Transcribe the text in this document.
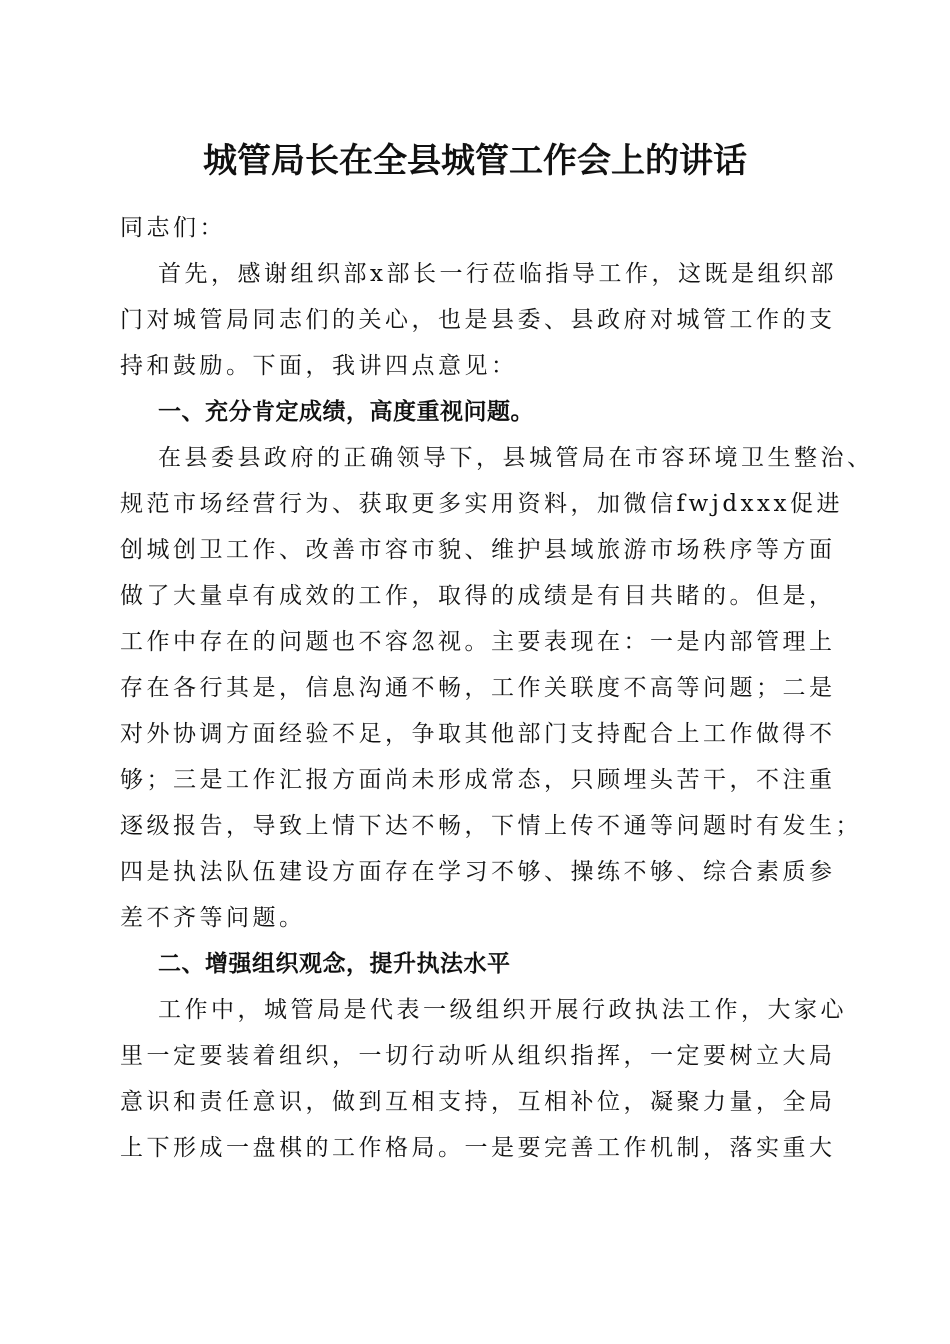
城管局长在全县城管工作会上的讲话
同志们：
首先，感谢组织部x部长一行莅临指导工作，这既是组织部
门对城管局同志们的关心，也是县委、县政府对城管工作的支
持和鼓励。下面，我讲四点意见：
一、充分肯定成绩，高度重视问题。
在县委县政府的正确领导下，县城管局在市容环境卫生整治、
规范市场经营行为、获取更多实用资料，加微信fwjdxxx促进
创城创卫工作、改善市容市貌、维护县域旅游市场秩序等方面
做了大量卓有成效的工作，取得的成绩是有目共睹的。但是，
工作中存在的问题也不容忽视。主要表现在：一是内部管理上
存在各行其是，信息沟通不畅，工作关联度不高等问题；二是
对外协调方面经验不足，争取其他部门支持配合上工作做得不
够；三是工作汇报方面尚未形成常态，只顾埋头苦干，不注重
逐级报告，导致上情下达不畅，下情上传不通等问题时有发生；
四是执法队伍建设方面存在学习不够、操练不够、综合素质参
差不齐等问题。
二、增强组织观念，提升执法水平
工作中，城管局是代表一级组织开展行政执法工作，大家心
里一定要装着组织，一切行动听从组织指挥，一定要树立大局
意识和责任意识，做到互相支持，互相补位，凝聚力量，全局
上下形成一盘棋的工作格局。一是要完善工作机制，落实重大
